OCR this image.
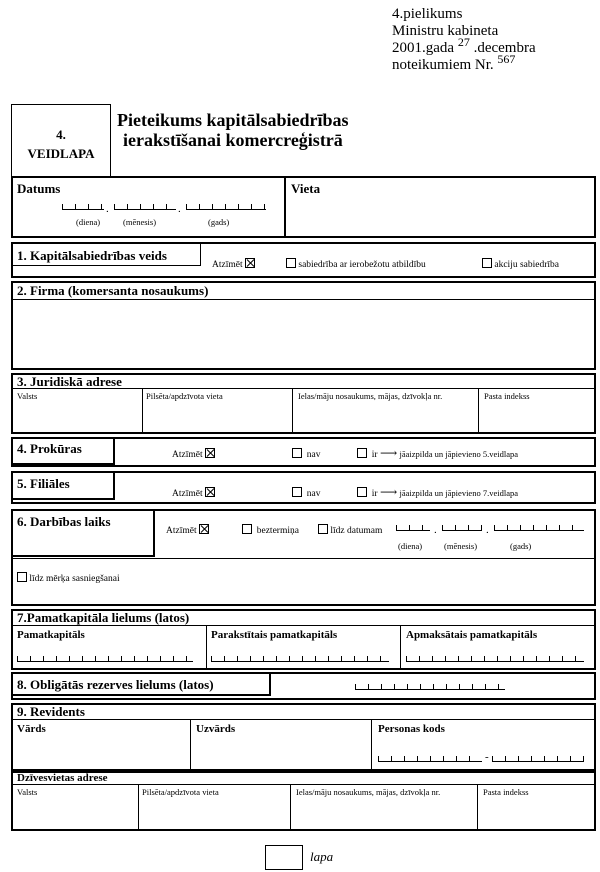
4.pielikums
Ministru kabineta
2001.gada $^{27}$ .decembra
noteikumiem Nr. $^{567}$
4.
VEIDLAPA
Pieteikums kapitālsabiedrības
ierakstīšanai komercreģistrā
Datums
.	.
(diena)	(mēnesis)	(gads)
Vieta
1. Kapitālsabiedrības veids
Atzīmēt	sabiedrība ar ierobežotu atbildību	akciju sabiedrība
2. Firma (komersanta nosaukums)
3. Juridiskā adrese
Valsts	Pilsēta/apdzīvota vieta	Ielas/māju nosaukums, mājas, dzīvokļa nr.	Pasta indekss
4. Prokūras	Atzīmēt	nav	ir ⟶ jāaizpilda un jāpievieno 5.veidlapa
5. Filiāles
Atzīmēt	nav	ir ⟶ jāaizpilda un jāpievieno 7.veidlapa
6. Darbības laiks
Atzīmēt	beztermiņa	līdz datumam	.	.
(diena)	(mēnesis)	(gads)
līdz mērķa sasniegšanai
7.Pamatkapitāla lielums (latos)
Pamatkapitāls	Parakstītais pamatkapitāls	Apmaksātais pamatkapitāls
8. Obligātās rezerves lielums (latos)
9. Revidents
Vārds	Uzvārds	Personas kods
-
Dzīvesvietas adrese
Valsts	Pilsēta/apdzīvota vieta	Ielas/māju nosaukums, mājas, dzīvokļa nr.	Pasta indekss
lapa
